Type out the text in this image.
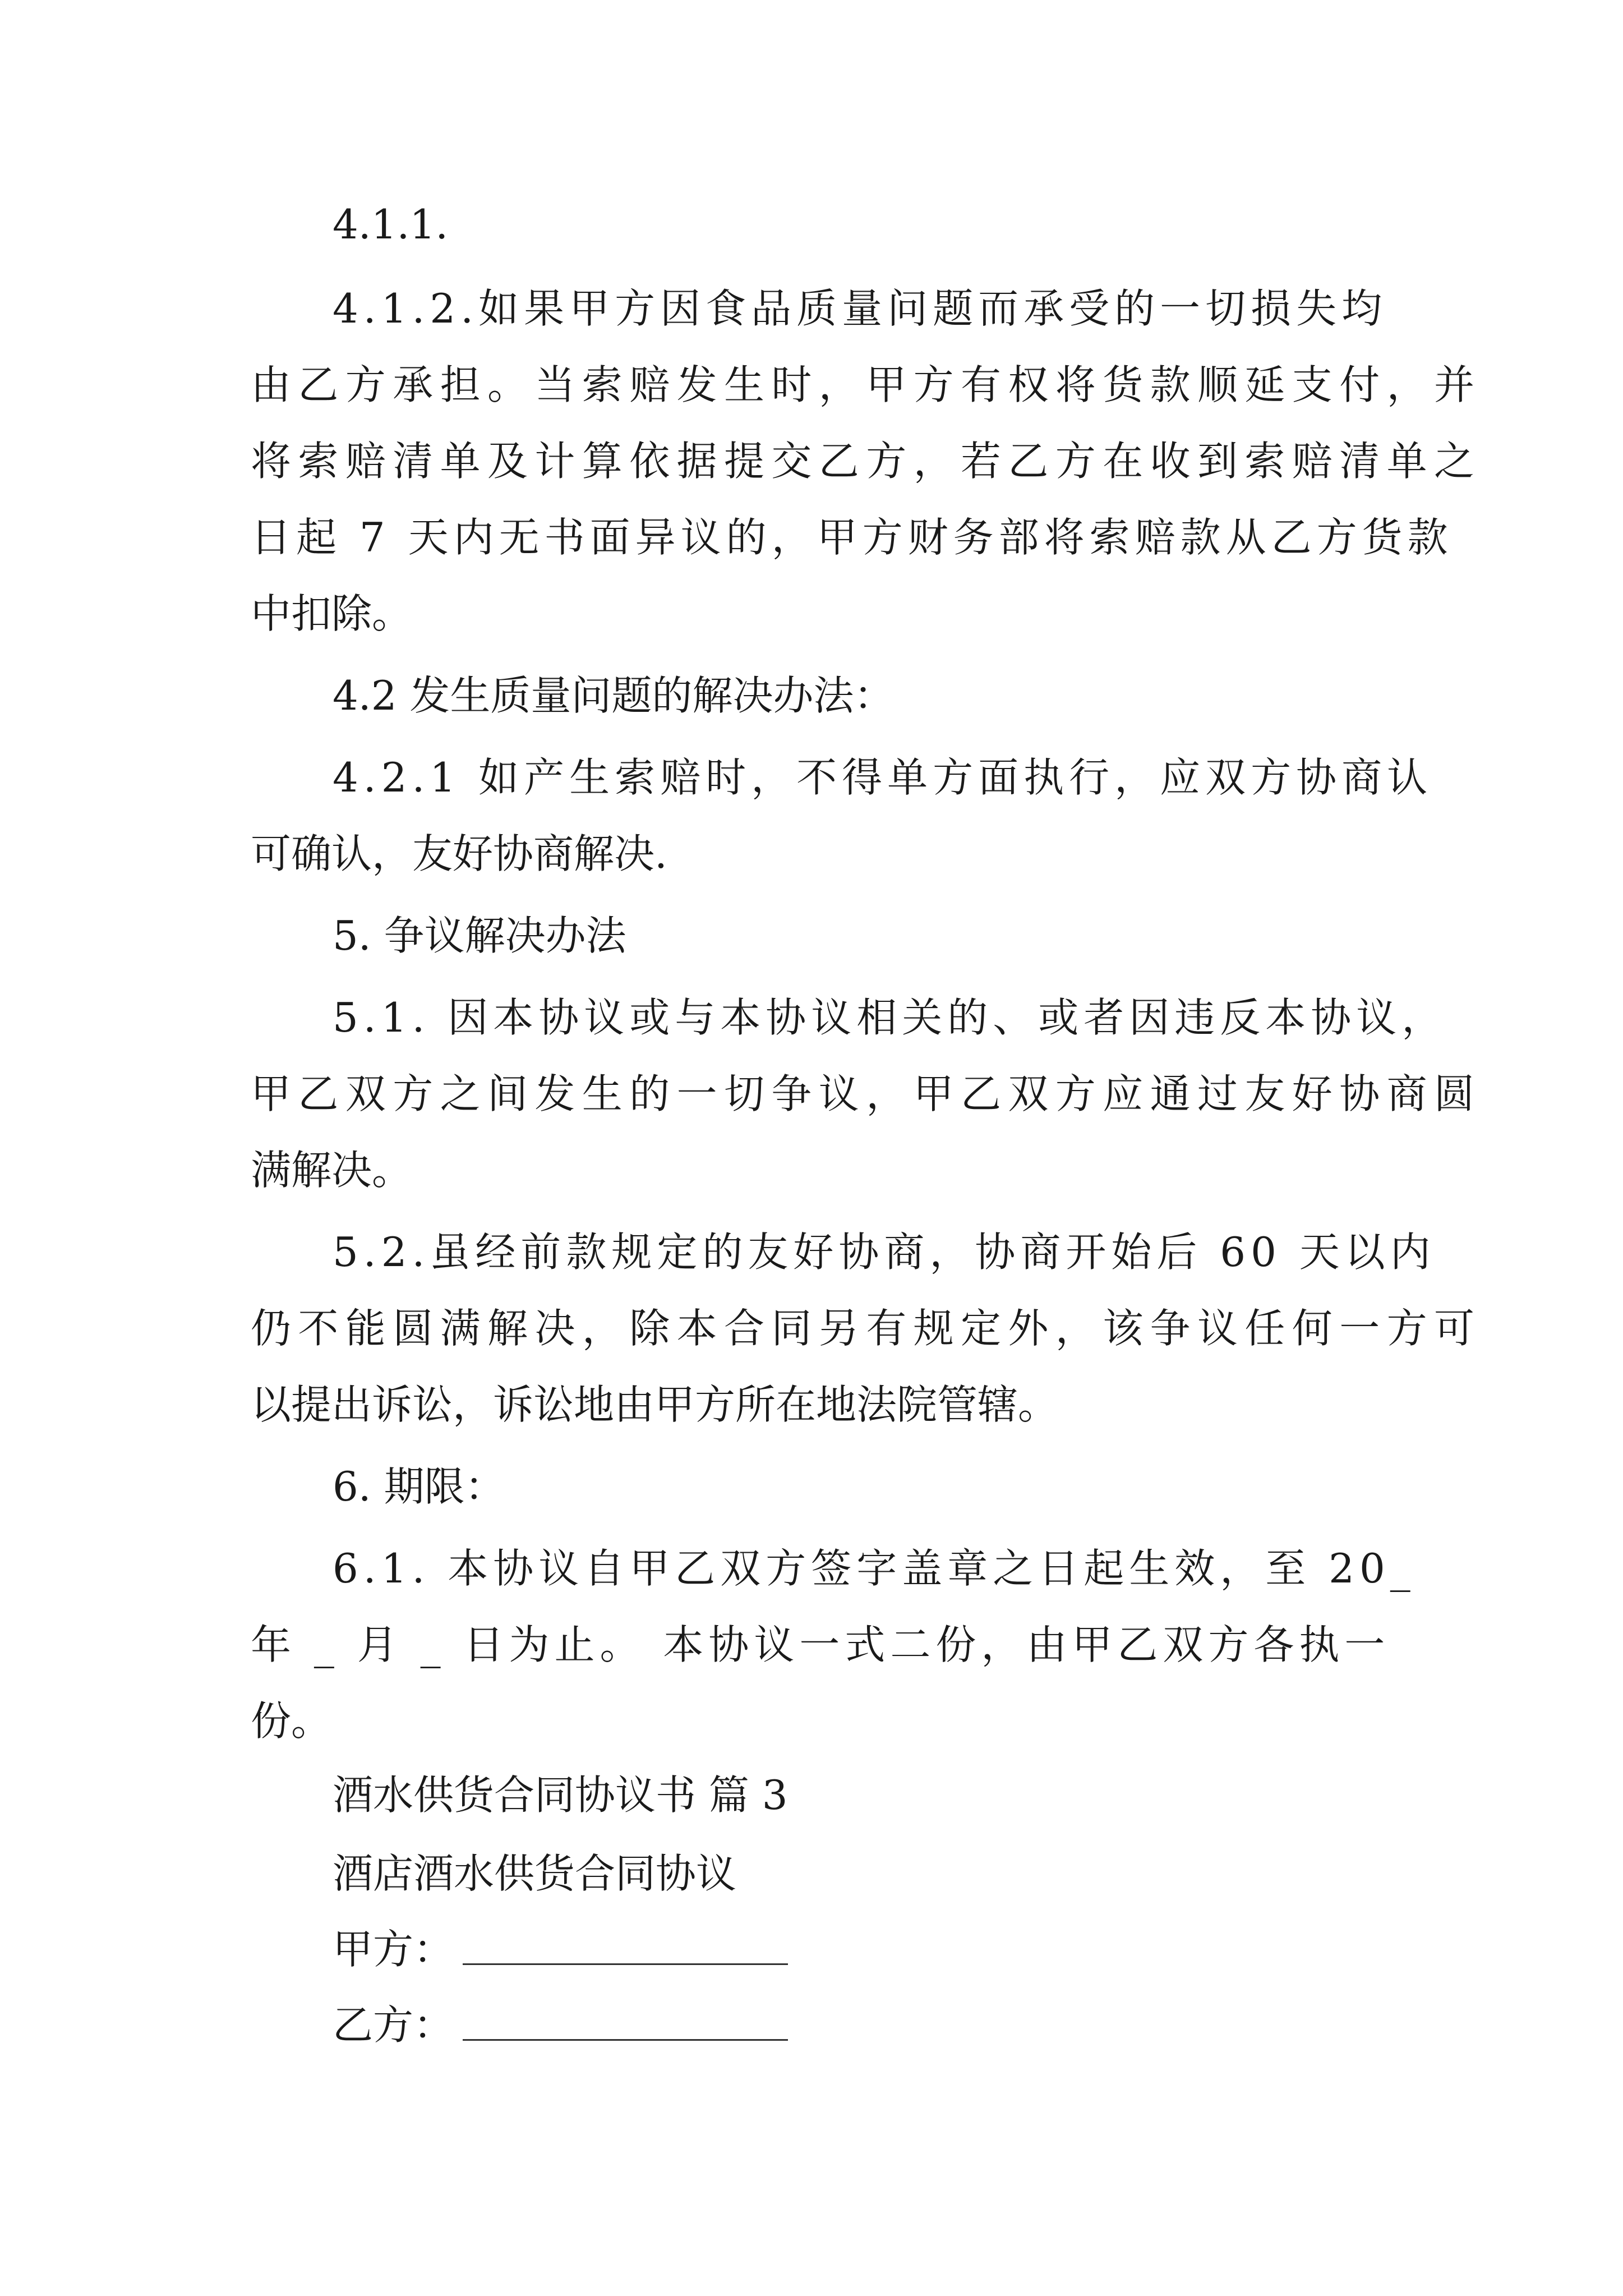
4.1.1.
4.1.2.如果甲方因食品质量问题而承受的一切损失均
由乙方承担。当索赔发生时，甲方有权将货款顺延支付，并
将索赔清单及计算依据提交乙方，若乙方在收到索赔清单之
日起 7 天内无书面异议的，甲方财务部将索赔款从乙方货款
中扣除。
4.2 发生质量问题的解决办法：
4.2.1 如产生索赔时，不得单方面执行，应双方协商认
可确认，友好协商解决.
5. 争议解决办法
5.1. 因本协议或与本协议相关的、或者因违反本协议，
甲乙双方之间发生的一切争议，甲乙双方应通过友好协商圆
满解决。
5.2.虽经前款规定的友好协商，协商开始后 60 天以内
仍不能圆满解决，除本合同另有规定外，该争议任何一方可
以提出诉讼，诉讼地由甲方所在地法院管辖。
6. 期限：
6.1. 本协议自甲乙双方签字盖章之日起生效，至 20_
年 _ 月 _ 日为止。 本协议一式二份，由甲乙双方各执一
份。
酒水供货合同协议书 篇 3
酒店酒水供货合同协议
甲方：
乙方：
